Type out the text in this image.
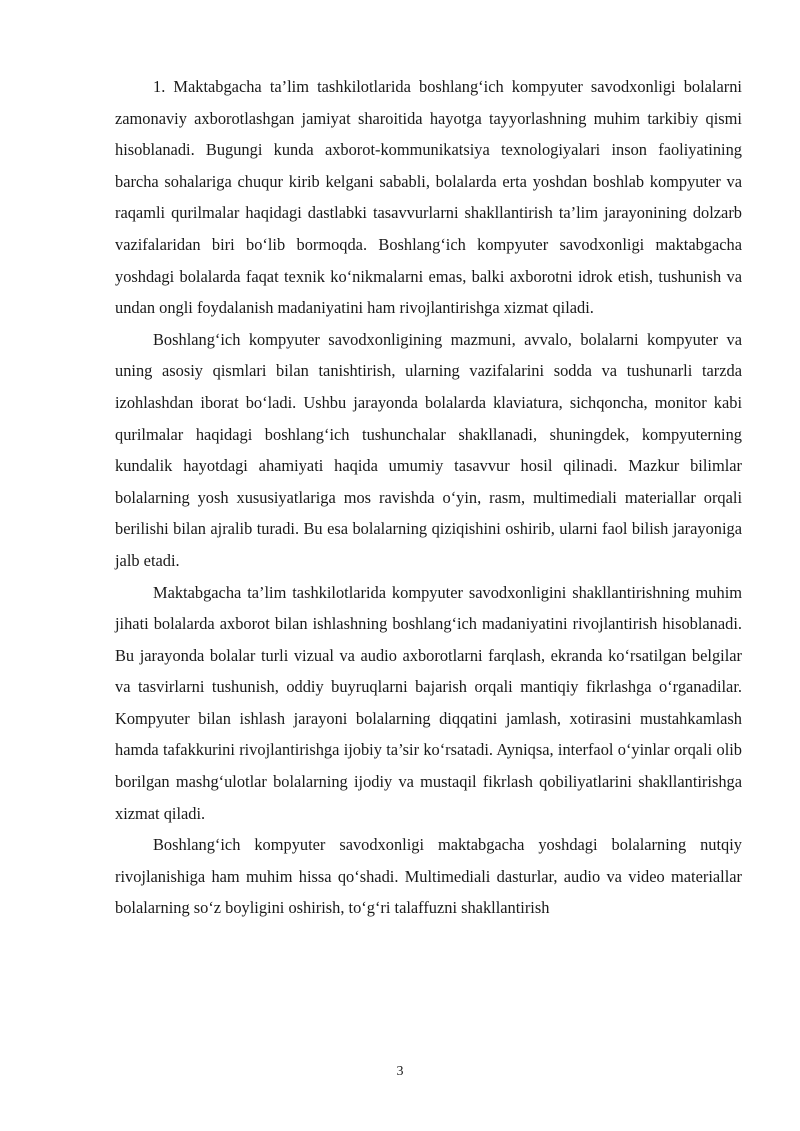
1. Maktabgacha ta’lim tashkilotlarida boshlang‘ich kompyuter savodxonligi bolalarni zamonaviy axborotlashgan jamiyat sharoitida hayotga tayyorlashning muhim tarkibiy qismi hisoblanadi. Bugungi kunda axborot-kommunikatsiya texnologiyalari inson faoliyatining barcha sohalariga chuqur kirib kelgani sababli, bolalarda erta yoshdan boshlab kompyuter va raqamli qurilmalar haqidagi dastlabki tasavvurlarni shakllantirish ta’lim jarayonining dolzarb vazifalaridan biri bo‘lib bormoqda. Boshlang‘ich kompyuter savodxonligi maktabgacha yoshdagi bolalarda faqat texnik ko‘nikmalarni emas, balki axborotni idrok etish, tushunish va undan ongli foydalanish madaniyatini ham rivojlantirishga xizmat qiladi.

Boshlang‘ich kompyuter savodxonligining mazmuni, avvalo, bolalarni kompyuter va uning asosiy qismlari bilan tanishtirish, ularning vazifalarini sodda va tushunarli tarzda izohlashdan iborat bo‘ladi. Ushbu jarayonda bolalarda klaviatura, sichqoncha, monitor kabi qurilmalar haqidagi boshlang‘ich tushunchalar shakllanadi, shuningdek, kompyuterning kundalik hayotdagi ahamiyati haqida umumiy tasavvur hosil qilinadi. Mazkur bilimlar bolalarning yosh xususiyatlariga mos ravishda o‘yin, rasm, multimediali materiallar orqali berilishi bilan ajralib turadi. Bu esa bolalarning qiziqishini oshirib, ularni faol bilish jarayoniga jalb etadi.

Maktabgacha ta’lim tashkilotlarida kompyuter savodxonligini shakllantirishning muhim jihati bolalarda axborot bilan ishlashning boshlang‘ich madaniyatini rivojlantirish hisoblanadi. Bu jarayonda bolalar turli vizual va audio axborotlarni farqlash, ekranda ko‘rsatilgan belgilar va tasvirlarni tushunish, oddiy buyruqlarni bajarish orqali mantiqiy fikrlashga o‘rganadilar. Kompyuter bilan ishlash jarayoni bolalarning diqqatini jamlash, xotirasini mustahkamlash hamda tafakkurini rivojlantirishga ijobiy ta’sir ko‘rsatadi. Ayniqsa, interfaol o‘yinlar orqali olib borilgan mashg‘ulotlar bolalarning ijodiy va mustaqil fikrlash qobiliyatlarini shakllantirishga xizmat qiladi.

Boshlang‘ich kompyuter savodxonligi maktabgacha yoshdagi bolalarning nutqiy rivojlanishiga ham muhim hissa qo‘shadi. Multimediali dasturlar, audio va video materiallar bolalarning so‘z boyligini oshirish, to‘g‘ri talaffuzni shakllantirish

3
